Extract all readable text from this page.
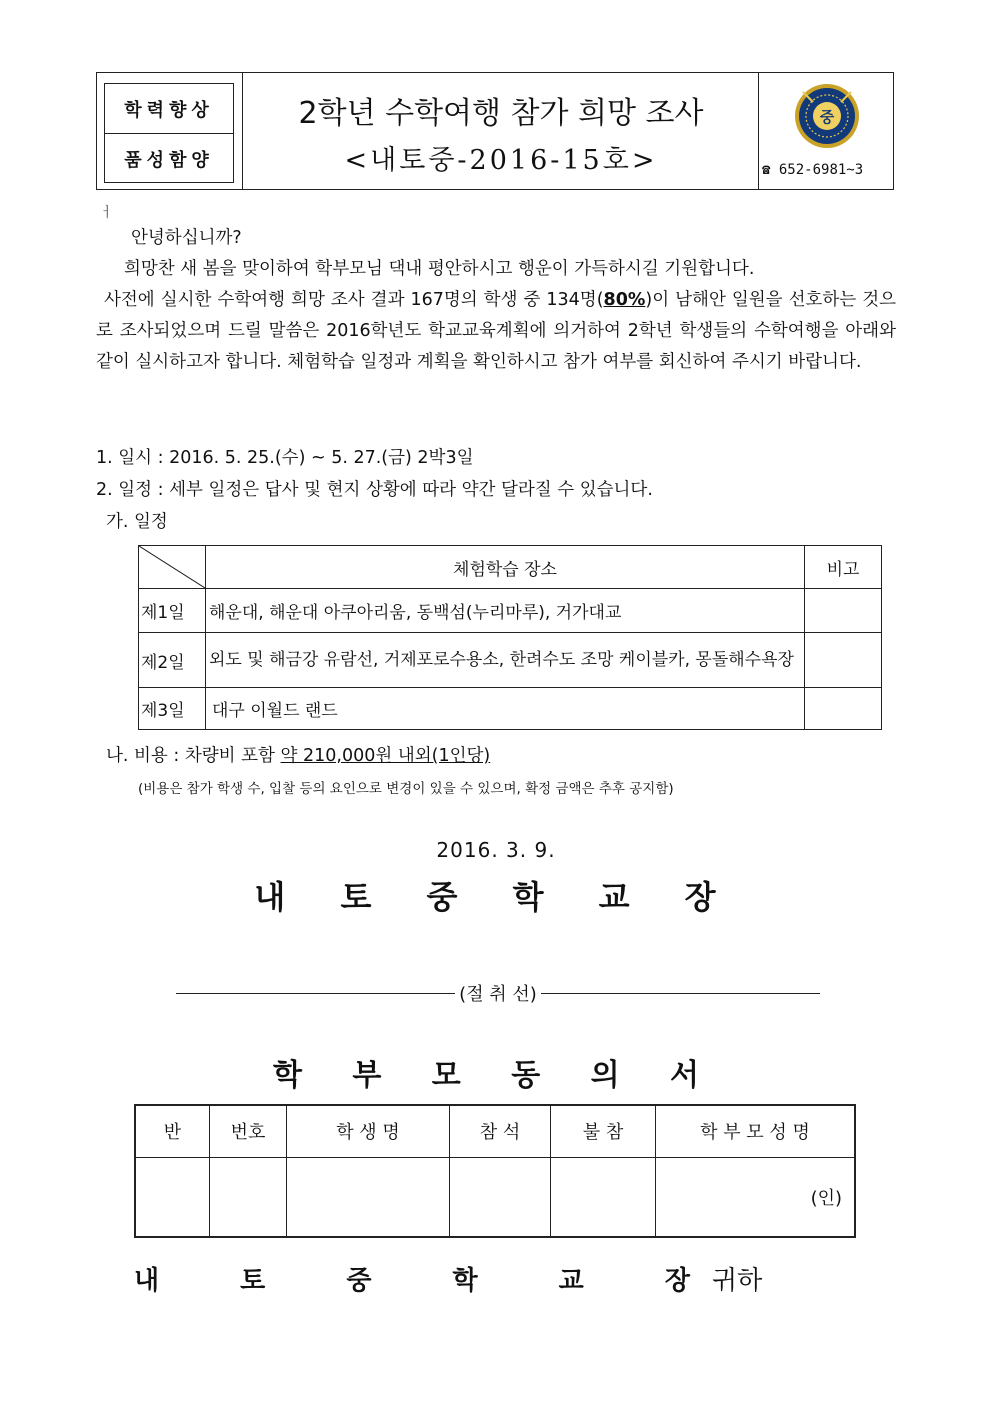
학력향상
품성함양
2학년 수학여행 참가 희망 조사
<내토중-2016-15호>
중
☎ 652-6981~3
ㅓ

안녕하십니까?

희망찬 새 봄을 맞이하여 학부모님 댁내 평안하시고 행운이 가득하시길 기원합니다.

사전에 실시한 수학여행 희망 조사 결과 167명의 학생 중 134명(80%)이 남해안 일원을 선호하는 것으로 조사되었으며 드릴 말씀은 2016학년도 학교교육계획에 의거하여 2학년 학생들의 수학여행을 아래와 같이 실시하고자 합니다. 체험학습 일정과 계획을 확인하시고 참가 여부를 회신하여 주시기 바랍니다.

1. 일시 : 2016. 5. 25.(수) ~ 5. 27.(금) 2박3일
2. 일정 : 세부 일정은 답사 및 현지 상황에 따라 약간 달라질 수 있습니다.
가. 일정
	체험학습 장소	비고
제1일	해운대, 해운대 아쿠아리움, 동백섬(누리마루), 거가대교	
제2일	외도 및 해금강 유람선, 거제포로수용소, 한려수도 조망 케이블카, 몽돌해수욕장	
제3일	대구 이월드 랜드	
나. 비용 : 차량비 포함 약 210,000원 내외(1인당)
(비용은 참가 학생 수, 입찰 등의 요인으로 변경이 있을 수 있으며, 확정 금액은 추후 공지함)
2016. 3. 9.
내 토 중 학 교 장
(절 취 선)
학 부 모 동 의 서
반	번호	학 생 명	참 석	불 참	학 부 모 성 명
					(인)
내 토 중 학 교 장귀하
